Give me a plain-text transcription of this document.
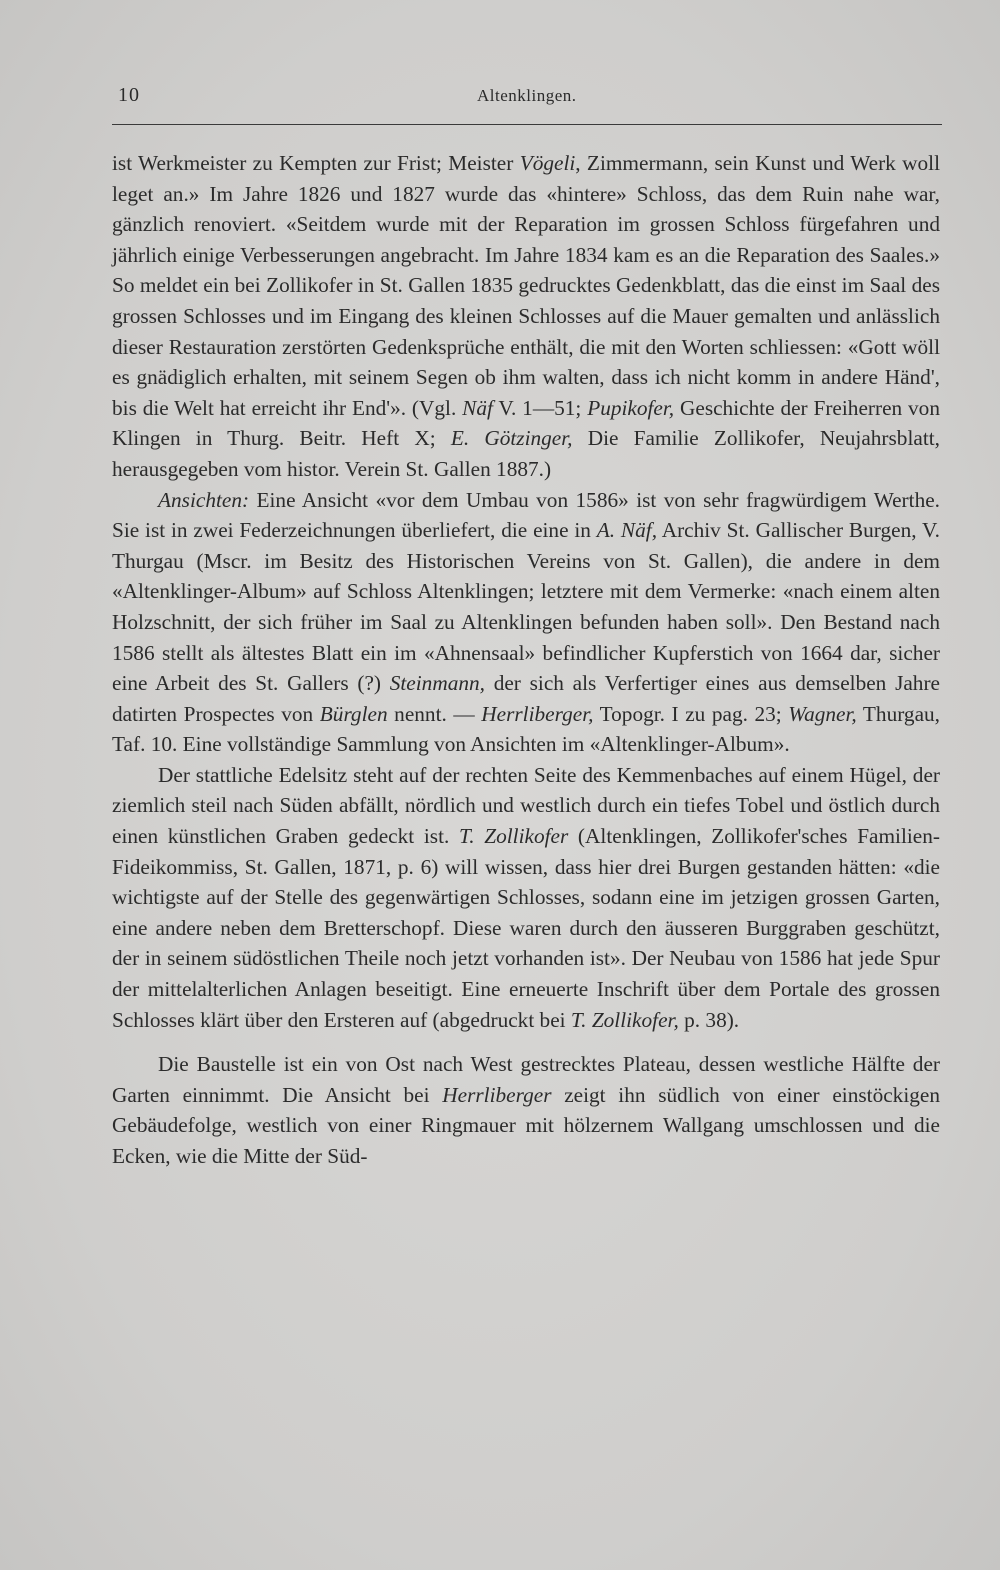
10	Altenklingen.

ist Werkmeister zu Kempten zur Frist; Meister Vögeli, Zimmermann, sein Kunst und Werk woll leget an.» Im Jahre 1826 und 1827 wurde das «hintere» Schloss, das dem Ruin nahe war, gänzlich renoviert. «Seitdem wurde mit der Reparation im grossen Schloss fürgefahren und jährlich einige Verbesserungen angebracht. Im Jahre 1834 kam es an die Reparation des Saales.» So meldet ein bei Zollikofer in St. Gallen 1835 gedrucktes Gedenkblatt, das die einst im Saal des grossen Schlosses und im Eingang des kleinen Schlosses auf die Mauer gemalten und anlässlich dieser Restauration zerstörten Gedenksprüche enthält, die mit den Worten schliessen: «Gott wöll es gnädiglich erhalten, mit seinem Segen ob ihm walten, dass ich nicht komm in andere Händ', bis die Welt hat erreicht ihr End'». (Vgl. Näf V. 1—51; Pupikofer, Geschichte der Freiherren von Klingen in Thurg. Beitr. Heft X; E. Götzinger, Die Familie Zollikofer, Neujahrsblatt, herausgegeben vom histor. Verein St. Gallen 1887.)

Ansichten: Eine Ansicht «vor dem Umbau von 1586» ist von sehr fragwürdigem Werthe. Sie ist in zwei Federzeichnungen überliefert, die eine in A. Näf, Archiv St. Gallischer Burgen, V. Thurgau (Mscr. im Besitz des Historischen Vereins von St. Gallen), die andere in dem «Altenklinger-Album» auf Schloss Altenklingen; letztere mit dem Vermerke: «nach einem alten Holzschnitt, der sich früher im Saal zu Altenklingen befunden haben soll». Den Bestand nach 1586 stellt als ältestes Blatt ein im «Ahnensaal» befindlicher Kupferstich von 1664 dar, sicher eine Arbeit des St. Gallers (?) Steinmann, der sich als Verfertiger eines aus demselben Jahre datirten Prospectes von Bürglen nennt. — Herrliberger, Topogr. I zu pag. 23; Wagner, Thurgau, Taf. 10. Eine vollständige Sammlung von Ansichten im «Altenklinger-Album».

Der stattliche Edelsitz steht auf der rechten Seite des Kemmenbaches auf einem Hügel, der ziemlich steil nach Süden abfällt, nördlich und westlich durch ein tiefes Tobel und östlich durch einen künstlichen Graben gedeckt ist. T. Zollikofer (Altenklingen, Zollikofer'sches Familien-Fideikommiss, St. Gallen, 1871, p. 6) will wissen, dass hier drei Burgen gestanden hätten: «die wichtigste auf der Stelle des gegenwärtigen Schlosses, sodann eine im jetzigen grossen Garten, eine andere neben dem Bretterschopf. Diese waren durch den äusseren Burggraben geschützt, der in seinem südöstlichen Theile noch jetzt vorhanden ist». Der Neubau von 1586 hat jede Spur der mittelalterlichen Anlagen beseitigt. Eine erneuerte Inschrift über dem Portale des grossen Schlosses klärt über den Ersteren auf (abgedruckt bei T. Zollikofer, p. 38).

Die Baustelle ist ein von Ost nach West gestrecktes Plateau, dessen westliche Hälfte der Garten einnimmt. Die Ansicht bei Herrliberger zeigt ihn südlich von einer einstöckigen Gebäudefolge, westlich von einer Ringmauer mit hölzernem Wallgang umschlossen und die Ecken, wie die Mitte der Süd-
